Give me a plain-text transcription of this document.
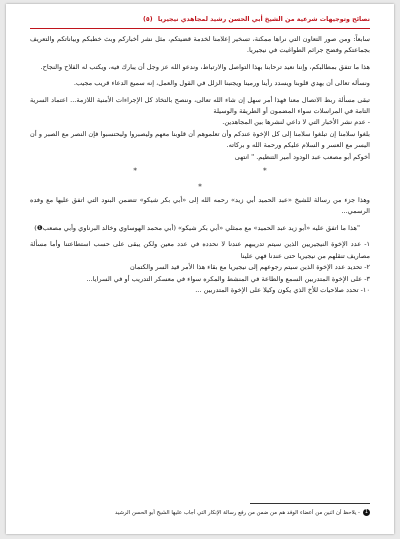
نصائح وتوجيهات شرعية من الشيخ أبي الحسن رشيد لمجاهدي نيجيريا (٥)

سابعاً: ومن صور التعاون التي نراها ممكنة، تسخير إعلامنا لخدمة قضيتكم، مثل نشر أخباركم وبث خطبكم وبياناتكم والتعريف بجماعتكم وفضح جرائم الطواغيت في نيجيريا.

هذا ما تتفق بمطالبكم، وإننا نعيد ترحابنا بهذا التواصل والارتباط، وندعو الله عز وجل أن يبارك فيه، ويكتب له الفلاح والنجاح.

ونسأله تعالى أن يهدي قلوبنا ويسدد رأينا ورمينا ويجنبنا الزلل في القول والعمل، إنه سميع الدعاء قريب مجيب.

تبقى مسألة ربط الاتصال معنا فهذا أمر سهل إن شاء الله تعالى، وننصح بالتخاذ كل الإجراءات الأمنية اللازمة... اعتماد السرية التامة في المراسلات سواء المضمون أو الطريقة والوسيلة

- عدم نشر الأخبار التي لا داعي لنشرها بين المجاهدين.

بلغوا سلامنا إن تبلغوا سلامنا إلى كل الإخوة عندكم وأن تعلموهم أن قلوبنا معهم وليصبروا وليحتسبوا فإن النصر مع الصبر و أن اليسر مع العسر و السلام عليكم ورحمة الله و بركاته.

أخوكم أبو مصعب عبد الودود أمير التنظيم. " انتهى

* * *

وهذا جزء من رسالة للشيخ «عبد الحميد أبي زيد» رحمه الله إلى «أبي بكر شيكو» تتضمن البنود التي اتفق عليها مع وفده الرسمي...

"هذا ما اتفق عليه «أبو زيد عبد الحميد» مع ممثلي «أبي بكر شيكو» (أبي محمد الهوساوي وخالد البرناوي وأبي مصعب❶)

١- عدد الإخوة النيجيريين الذين سيتم تدريبهم عندنا لا نحدده في عدد معين ولكن يبقى على حسب استطاعتنا وأما مسألة مصاريف تنقلهم من نيجيريا حتى عندنا فهي علينا

٢- تحديد عدد الإخوة الذين سيتم رجوعهم إلى نيجيريا مع بقاء هذا الأمر قيد السر والكتمان

٣- على الإخوة المتدربين السمع والطاعة في المنشط والمكره سواء في معسكر التدريب أو في السرايا...

١٠- تحدد صلاحيات للأخ الذي يكون وكيلا على الإخوة المتدربين ...

1- يلاحظ أن اثنين من أعضاء الوفد هم من ضمن من رفع رسالة الإنكار التي أجاب عليها الشيخ أبو الحسن الرشيد
